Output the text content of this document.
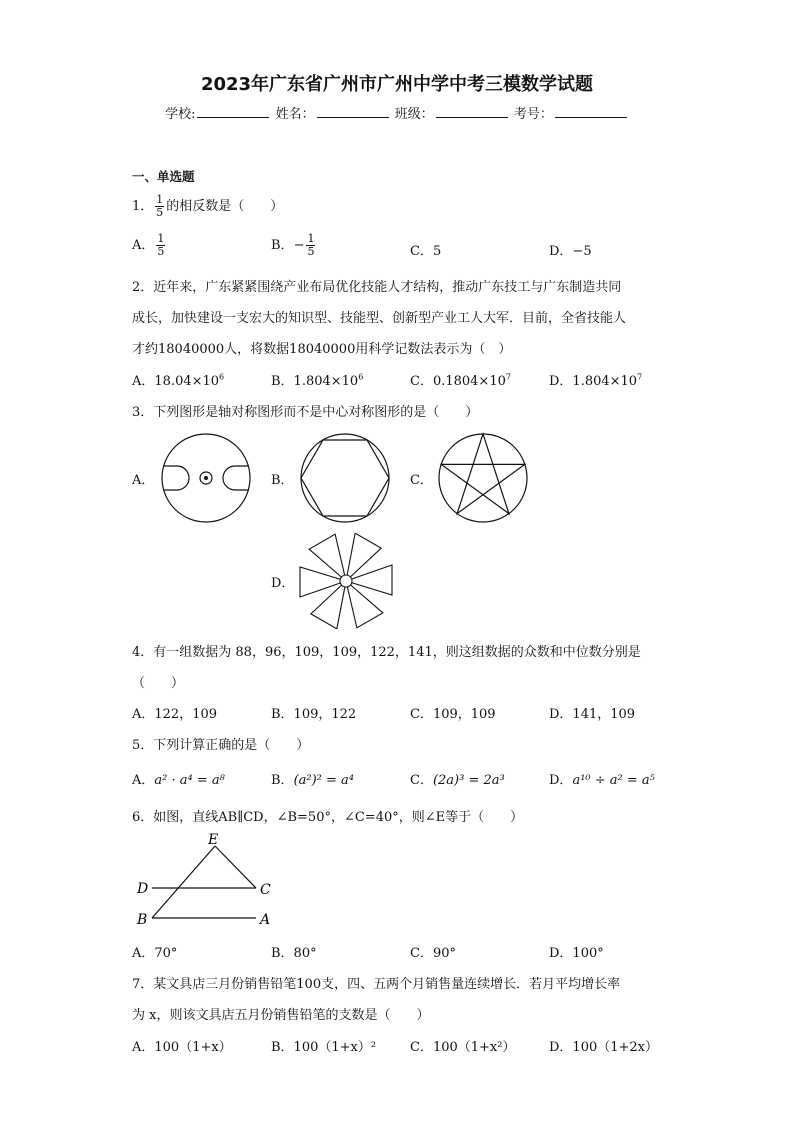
2023年广东省广州市广州中学中考三模数学试题
学校:	姓名：	班级：	考号：
一、单选题
1． $\frac{1}{5}$ 的相反数是（　　）
A． $\frac{1}{5}$	B．− $\frac{1}{5}$	C．5	D．−5
2．近年来，广东紧紧围绕产业布局优化技能人才结构，推动广东技工与广东制造共同
成长，加快建设一支宏大的知识型、技能型、创新型产业工人大军．目前，全省技能人
才约18040000人，将数据18040000用科学记数法表示为（　）
A．$18.04\times 10^6$	B．$1.804\times 10^6$	C．$0.1804\times 10^7$	D．$1.804\times 10^7$
3．下列图形是轴对称图形而不是中心对称图形的是（　　）
A．	B．	C．
D．
4．有一组数据为 88，96，109，109，122，141，则这组数据的众数和中位数分别是
（　　）
A．122，109	B．109，122	C．109，109	D．141，109
5．下列计算正确的是（　　）
A．a² · a⁴ = a⁸	B．(a²)² = a⁴	C．(2a)³ = 2a³	D．a¹⁰ ÷ a² = a⁵
6．如图，直线AB∥CD，∠B=50°，∠C=40°，则∠E等于（　　）
E
D	C
B	A
A．70°	B．80°	C．90°	D．100°
7．某文具店三月份销售铅笔100支，四、五两个月销售量连续增长．若月平均增长率
为 x，则该文具店五月份销售铅笔的支数是（　　）
A．100（1+x）	B．100（1+x）²	C．100（1+x²）	D．100（1+2x）
